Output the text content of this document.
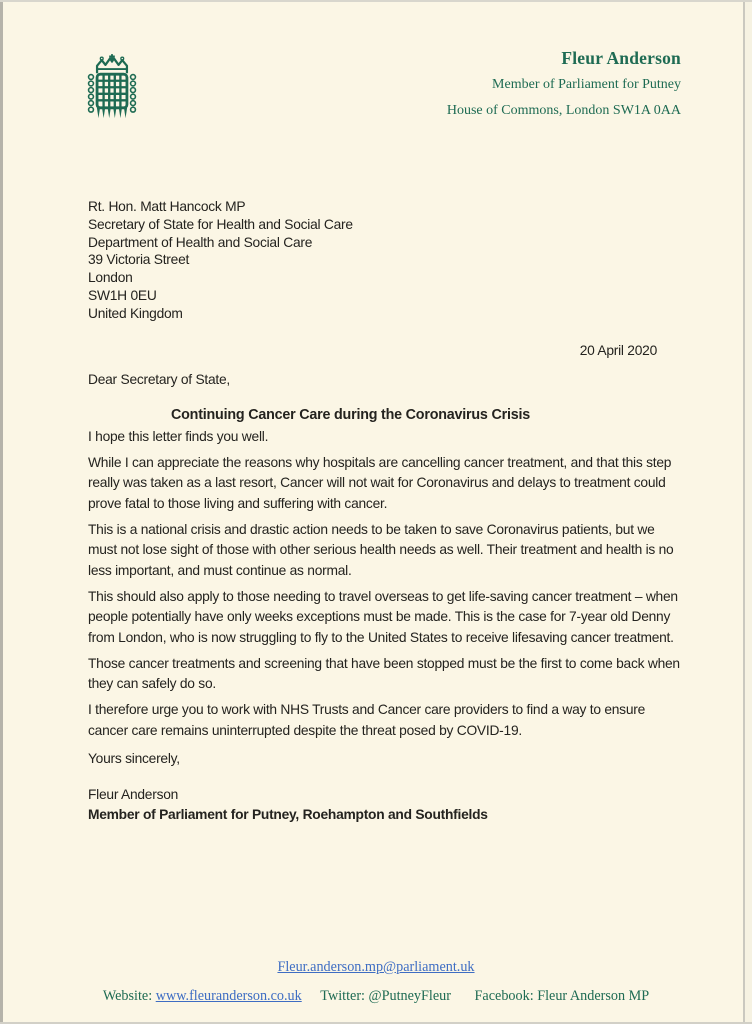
Fleur Anderson
Member of Parliament for Putney
House of Commons, London SW1A 0AA
Rt. Hon. Matt Hancock MP
Secretary of State for Health and Social Care
Department of Health and Social Care
39 Victoria Street
London
SW1H 0EU
United Kingdom
20 April 2020
Dear Secretary of State,
Continuing Cancer Care during the Coronavirus Crisis

I hope this letter finds you well.

While I can appreciate the reasons why hospitals are cancelling cancer treatment, and that this step really was taken as a last resort, Cancer will not wait for Coronavirus and delays to treatment could prove fatal to those living and suffering with cancer.

This is a national crisis and drastic action needs to be taken to save Coronavirus patients, but we must not lose sight of those with other serious health needs as well. Their treatment and health is no less important, and must continue as normal.

This should also apply to those needing to travel overseas to get life-saving cancer treatment – when people potentially have only weeks exceptions must be made. This is the case for 7-year old Denny from London, who is now struggling to fly to the United States to receive lifesaving cancer treatment.

Those cancer treatments and screening that have been stopped must be the first to come back when they can safely do so.

I therefore urge you to work with NHS Trusts and Cancer care providers to find a way to ensure cancer care remains uninterrupted despite the threat posed by COVID-19.

Yours sincerely,
Fleur Anderson
Member of Parliament for Putney, Roehampton and Southfields
Fleur.anderson.mp@parliament.uk
Website: www.fleuranderson.co.uk Twitter: @PutneyFleur Facebook: Fleur Anderson MP
